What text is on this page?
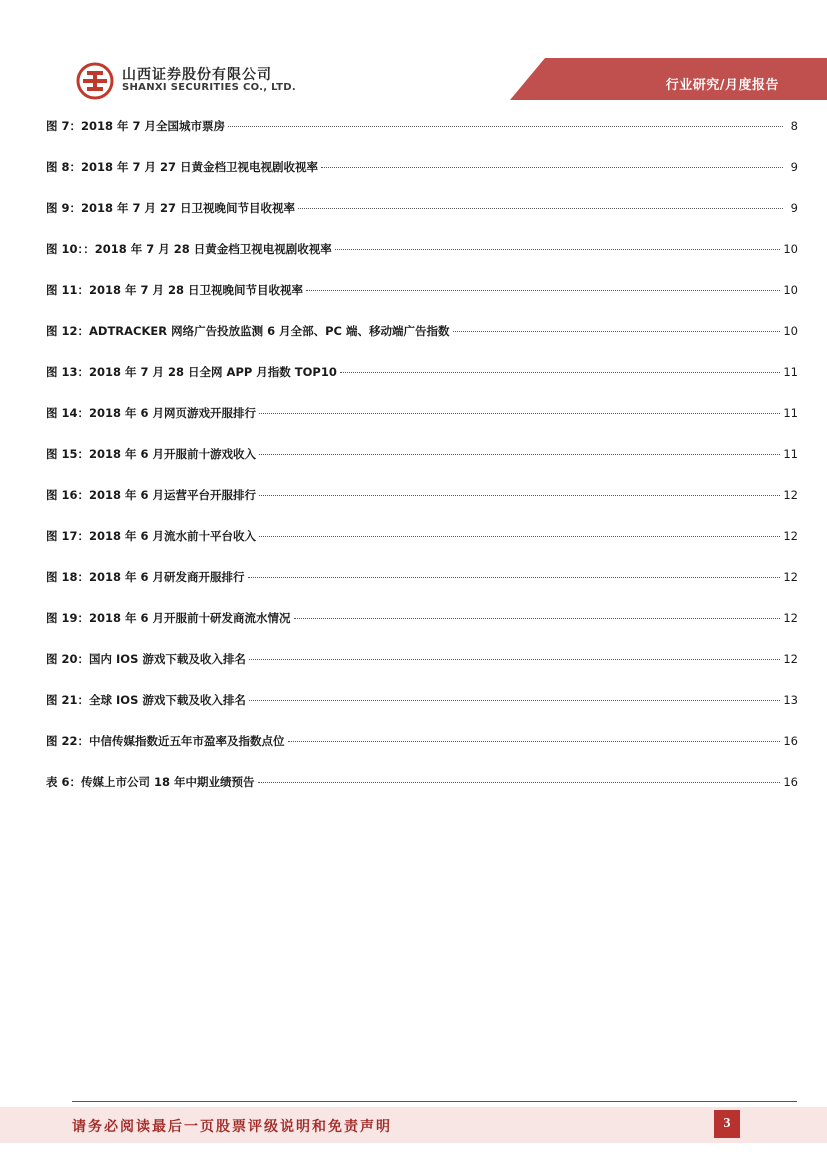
山西证券股份有限公司
SHANXI SECURITIES CO., LTD.	行业研究/月度报告
图 7：2018 年 7 月全国城市票房	8
图 8：2018 年 7 月 27 日黄金档卫视电视剧收视率	9
图 9：2018 年 7 月 27 日卫视晚间节目收视率	9
图 10：：2018 年 7 月 28 日黄金档卫视电视剧收视率	10
图 11：2018 年 7 月 28 日卫视晚间节目收视率	10
图 12：ADTRACKER 网络广告投放监测 6 月全部、PC 端、移动端广告指数	10
图 13：2018 年 7 月 28 日全网 APP 月指数 TOP10	11
图 14：2018 年 6 月网页游戏开服排行	11
图 15：2018 年 6 月开服前十游戏收入	11
图 16：2018 年 6 月运营平台开服排行	12
图 17：2018 年 6 月流水前十平台收入	12
图 18：2018 年 6 月研发商开服排行	12
图 19：2018 年 6 月开服前十研发商流水情况	12
图 20：国内 IOS 游戏下载及收入排名	12
图 21：全球 IOS 游戏下载及收入排名	13
图 22：中信传媒指数近五年市盈率及指数点位	16
表 6：传媒上市公司 18 年中期业绩预告	16
请务必阅读最后一页股票评级说明和免责声明	3
